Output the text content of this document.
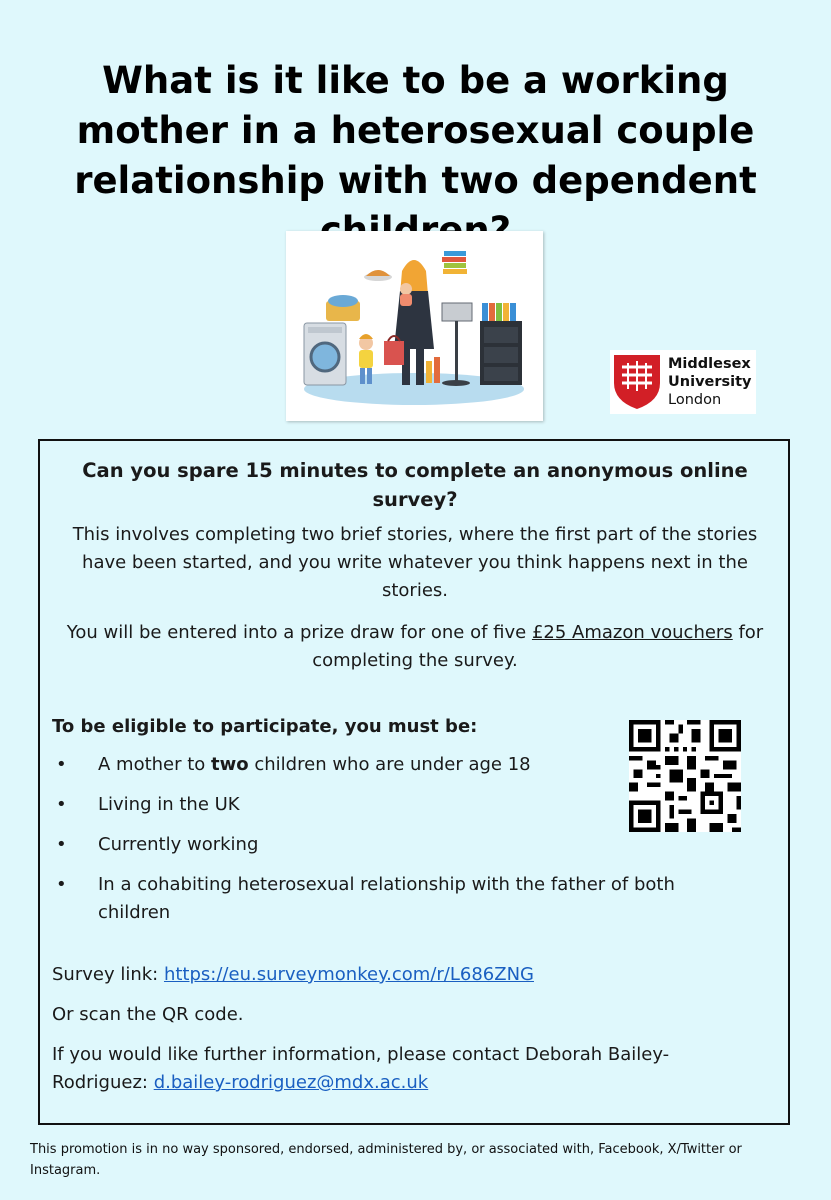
What is it like to be a working mother in a heterosexual couple relationship with two dependent
Middlesex
University
London
Can you spare 15 minutes to complete an anonymous online survey?
This involves completing two brief stories, where the first part of the stories have been started, and you write whatever you think happens next in the stories.
You will be entered into a prize draw for one of five £25 Amazon vouchers for completing the survey.
To be eligible to participate, you must be:
• A mother to two children who are under age 18
• Living in the UK
• Currently working
• In a cohabiting heterosexual relationship with the father of both children
Survey link: https://eu.surveymonkey.com/r/L686ZNG
Or scan the QR code.
If you would like further information, please contact Deborah Bailey-Rodriguez: d.bailey-rodriguez@mdx.ac.uk
This promotion is in no way sponsored, endorsed, administered by, or associated with, Facebook, X/Twitter or Instagram.
